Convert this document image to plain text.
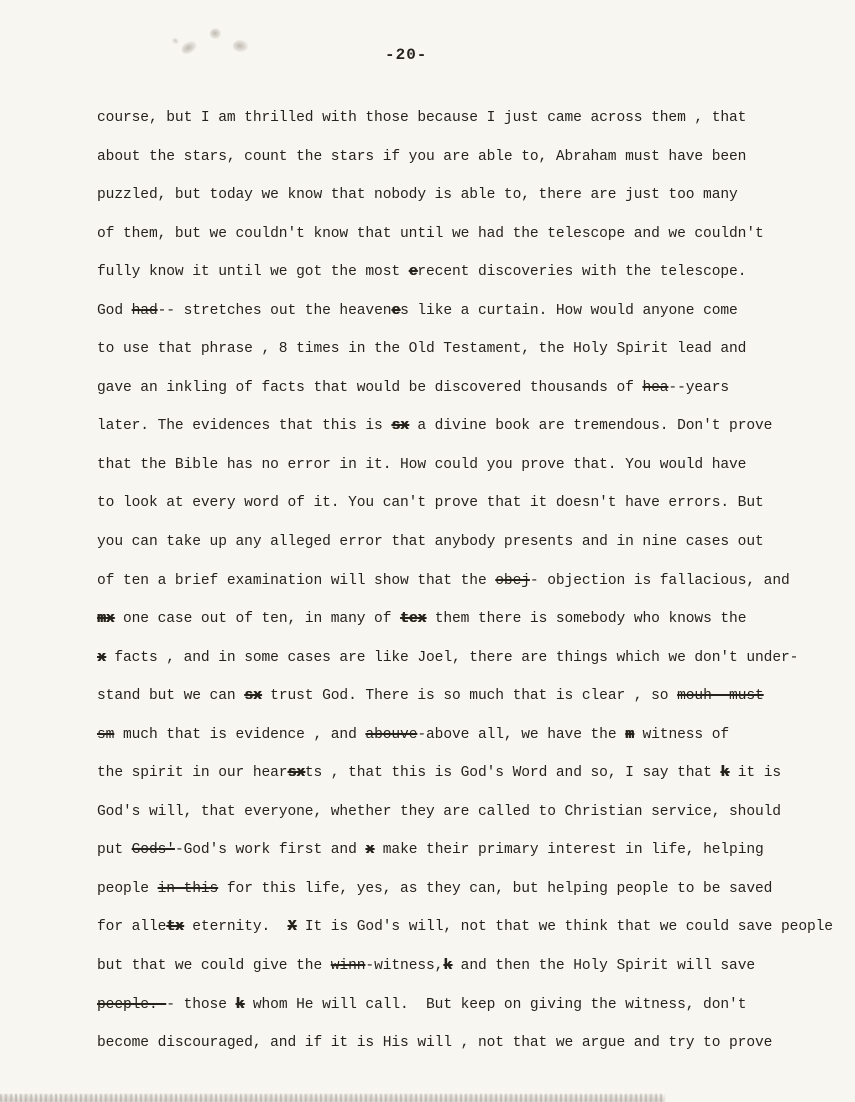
-20-
course, but I am thrilled with those because I just came across them , that
about the stars, count the stars if you are able to, Abraham must have been
puzzled, but today we know that nobody is able to, there are just too many
of them, but we couldn't know that until we had the telescope and we couldn't
fully know it until we got the most erecent discoveries with the telescope.
God had-- stretches out the heavenes like a curtain. How would anyone come
to use that phrase , 8 times in the Old Testament, the Holy Spirit lead and
gave an inkling of facts that would be discovered thousands of hea--years
later. The evidences that this is sx a divine book are tremendous. Don't prove
that the Bible has no error in it. How could you prove that. You would have
to look at every word of it. You can't prove that it doesn't have errors. But
you can take up any alleged error that anybody presents and in nine cases out
of ten a brief examination will show that the obej- objection is fallacious, and
mx one case out of ten, in many of tex them there is somebody who knows the
x facts , and in some cases are like Joel, there are things which we don't under-
stand but we can sx trust God. There is so much that is clear , so mouh--must
sm much that is evidence , and abouve-above all, we have the m witness of
the spirit in our hearsxts , that this is God's Word and so, I say that k it is
God's will, that everyone, whether they are called to Christian service, should
put Gods'-God's work first and x make their primary interest in life, helping
people in this for this life, yes, as they can, but helping people to be saved
for alletx eternity.  X It is God's will, not that we think that we could save people
but that we could give the winn-witness,k and then the Holy Spirit will save
peeple.-- those k whom He will call.  But keep on giving the witness, don't
become discouraged, and if it is His will , not that we argue and try to prove
